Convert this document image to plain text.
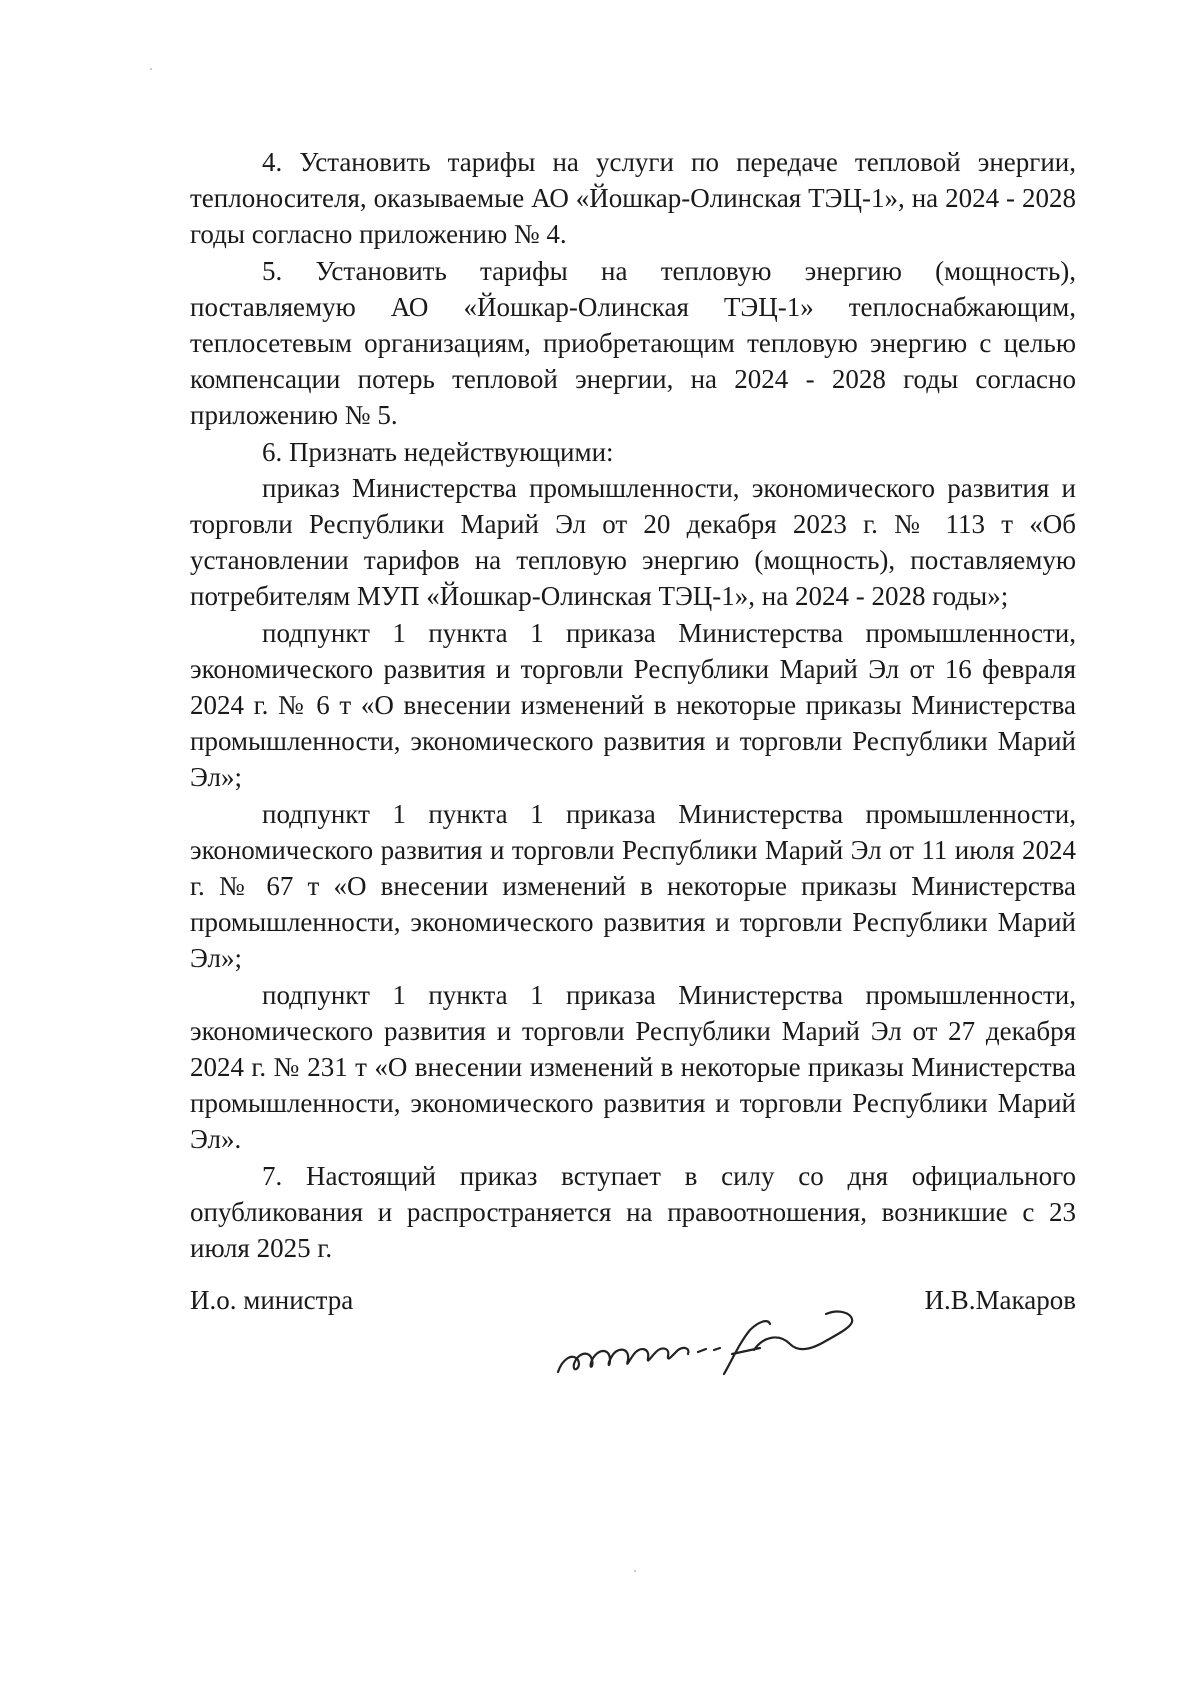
4. Установить тарифы на услуги по передаче тепловой энергии, теплоносителя, оказываемые АО «Йошкар-Олинская ТЭЦ-1», на 2024 - 2028 годы согласно приложению № 4.

5. Установить тарифы на тепловую энергию (мощность), поставляемую АО «Йошкар-Олинская ТЭЦ-1» теплоснабжающим, теплосетевым организациям, приобретающим тепловую энергию с целью компенсации потерь тепловой энергии, на 2024 - 2028 годы согласно приложению № 5.

6. Признать недействующими:

приказ Министерства промышленности, экономического развития и торговли Республики Марий Эл от 20 декабря 2023 г. № 113 т «Об установлении тарифов на тепловую энергию (мощность), поставляемую потребителям МУП «Йошкар-Олинская ТЭЦ-1», на 2024 - 2028 годы»;

подпункт 1 пункта 1 приказа Министерства промышленности, экономического развития и торговли Республики Марий Эл от 16 февраля 2024 г. № 6 т «О внесении изменений в некоторые приказы Министерства промышленности, экономического развития и торговли Республики Марий Эл»;

подпункт 1 пункта 1 приказа Министерства промышленности, экономического развития и торговли Республики Марий Эл от 11 июля 2024 г. № 67 т «О внесении изменений в некоторые приказы Министерства промышленности, экономического развития и торговли Республики Марий Эл»;

подпункт 1 пункта 1 приказа Министерства промышленности, экономического развития и торговли Республики Марий Эл от 27 декабря 2024 г. № 231 т «О внесении изменений в некоторые приказы Министерства промышленности, экономического развития и торговли Республики Марий Эл».

7. Настоящий приказ вступает в силу со дня официального опубликования и распространяется на правоотношения, возникшие с 23 июля 2025 г.

И.о. министра	И.В.Макаров
